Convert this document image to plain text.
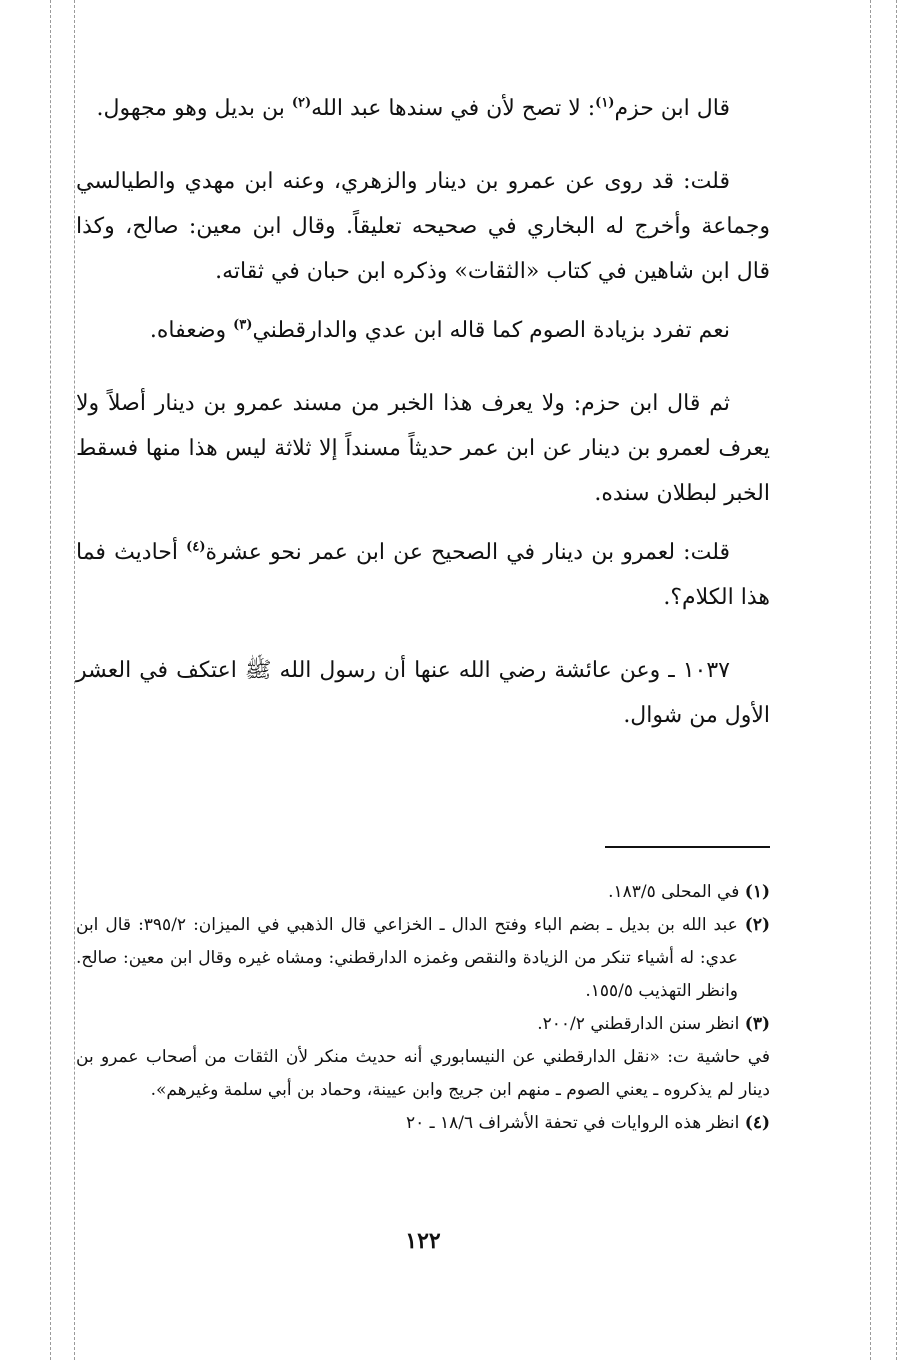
قال ابن حزم$^{(١)}$: لا تصح لأن في سندها عبد الله$^{(٢)}$ بن بديل وهو مجهول.

قلت: قد روى عن عمرو بن دينار والزهري، وعنه ابن مهدي والطيالسي وجماعة وأخرج له البخاري في صحيحه تعليقاً. وقال ابن معين: صالح، وكذا قال ابن شاهين في كتاب «الثقات» وذكره ابن حبان في ثقاته.

نعم تفرد بزيادة الصوم كما قاله ابن عدي والدارقطني$^{(٣)}$ وضعفاه.

ثم قال ابن حزم: ولا يعرف هذا الخبر من مسند عمرو بن دينار أصلاً ولا يعرف لعمرو بن دينار عن ابن عمر حديثاً مسنداً إلا ثلاثة ليس هذا منها فسقط الخبر لبطلان سنده.

قلت: لعمرو بن دينار في الصحيح عن ابن عمر نحو عشرة$^{(٤)}$ أحاديث فما هذا الكلام؟.

١٠٣٧ ـ وعن عائشة رضي الله عنها أن رسول الله ﷺ اعتكف في العشر الأول من شوال.

(١) في المحلى ١٨٣/٥.

(٢) عبد الله بن بديل ـ بضم الباء وفتح الدال ـ الخزاعي قال الذهبي في الميزان: ٣٩٥/٢: قال ابن عدي: له أشياء تنكر من الزيادة والنقص وغمزه الدارقطني: ومشاه غيره وقال ابن معين: صالح. وانظر التهذيب ١٥٥/٥.

(٣) انظر سنن الدارقطني ٢٠٠/٢.

في حاشية ت: «نقل الدارقطني عن النيسابوري أنه حديث منكر لأن الثقات من أصحاب عمرو بن دينار لم يذكروه ـ يعني الصوم ـ منهم ابن جريج وابن عيينة، وحماد بن أبي سلمة وغيرهم».

(٤) انظر هذه الروايات في تحفة الأشراف ١٨/٦ ـ ٢٠

١٢٢
